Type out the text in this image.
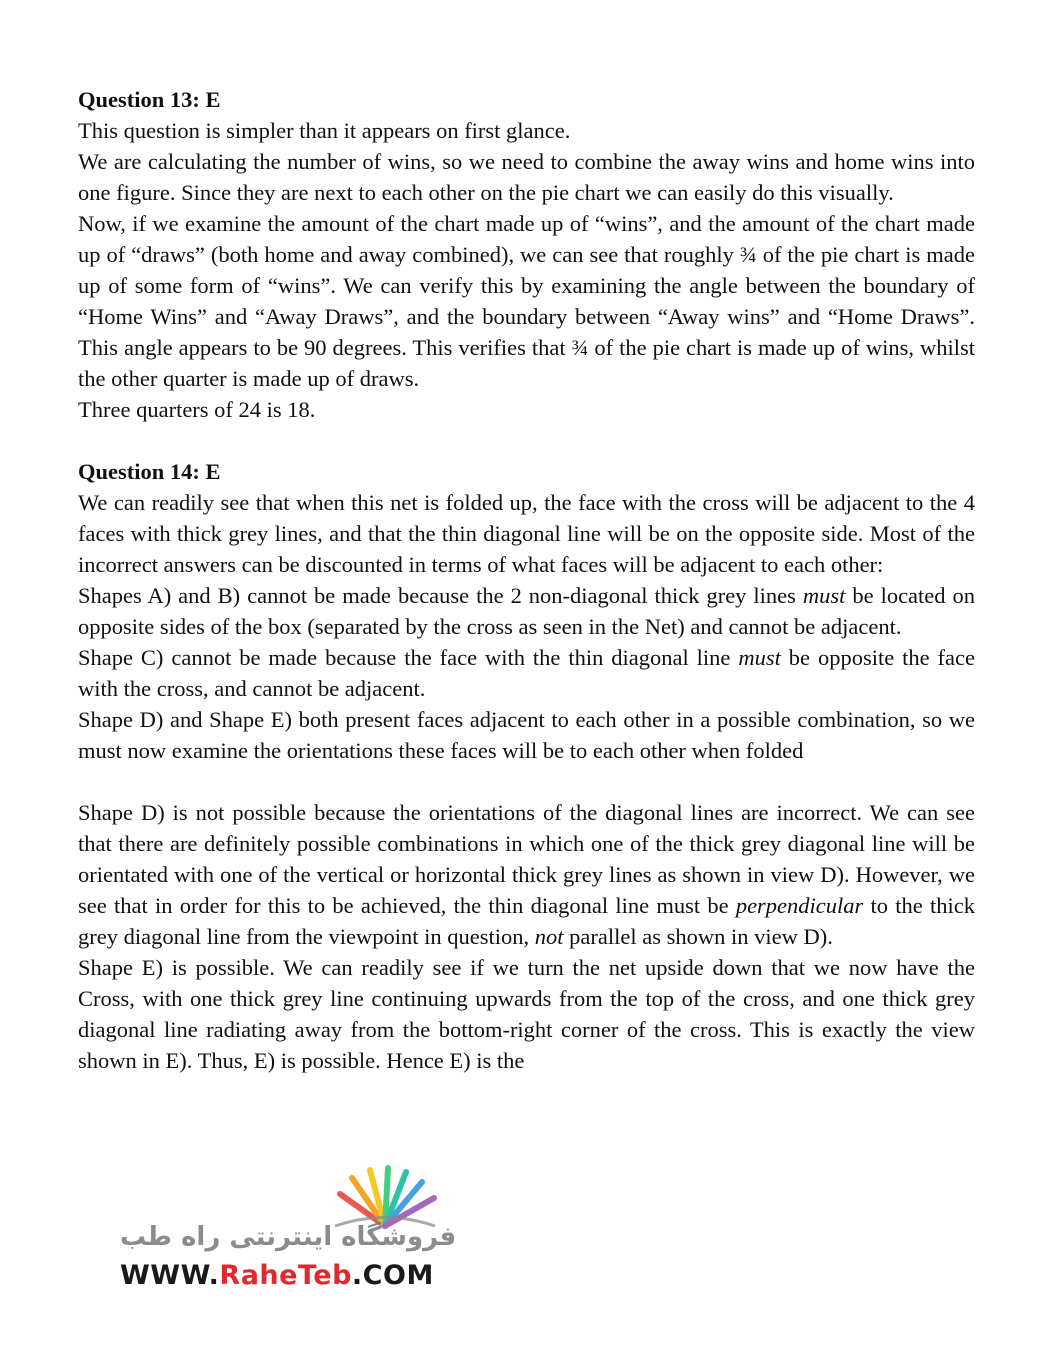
Question 13: E

This question is simpler than it appears on first glance.

We are calculating the number of wins, so we need to combine the away wins and home wins into one figure. Since they are next to each other on the pie chart we can easily do this visually.

Now, if we examine the amount of the chart made up of “wins”, and the amount of the chart made up of “draws” (both home and away combined), we can see that roughly ¾ of the pie chart is made up of some form of “wins”. We can verify this by examining the angle between the boundary of “Home Wins” and “Away Draws”, and the boundary between “Away wins” and “Home Draws”. This angle appears to be 90 degrees. This verifies that ¾ of the pie chart is made up of wins, whilst the other quarter is made up of draws.

Three quarters of 24 is 18.

Question 14: E

We can readily see that when this net is folded up, the face with the cross will be adjacent to the 4 faces with thick grey lines, and that the thin diagonal line will be on the opposite side. Most of the incorrect answers can be discounted in terms of what faces will be adjacent to each other:

Shapes A) and B) cannot be made because the 2 non-diagonal thick grey lines must be located on opposite sides of the box (separated by the cross as seen in the Net) and cannot be adjacent.

Shape C) cannot be made because the face with the thin diagonal line must be opposite the face with the cross, and cannot be adjacent.

Shape D) and Shape E) both present faces adjacent to each other in a possible combination, so we must now examine the orientations these faces will be to each other when folded

Shape D) is not possible because the orientations of the diagonal lines are incorrect. We can see that there are definitely possible combinations in which one of the thick grey diagonal line will be orientated with one of the vertical or horizontal thick grey lines as shown in view D). However, we see that in order for this to be achieved, the thin diagonal line must be perpendicular to the thick grey diagonal line from the viewpoint in question, not parallel as shown in view D).

Shape E) is possible. We can readily see if we turn the net upside down that we now have the Cross, with one thick grey line continuing upwards from the top of the cross, and one thick grey diagonal line radiating away from the bottom-right corner of the cross. This is exactly the view shown in E). Thus, E) is possible. Hence E) is the

فروشگاه اینترنتی راه طب
WWW.RaheTeb.COM
